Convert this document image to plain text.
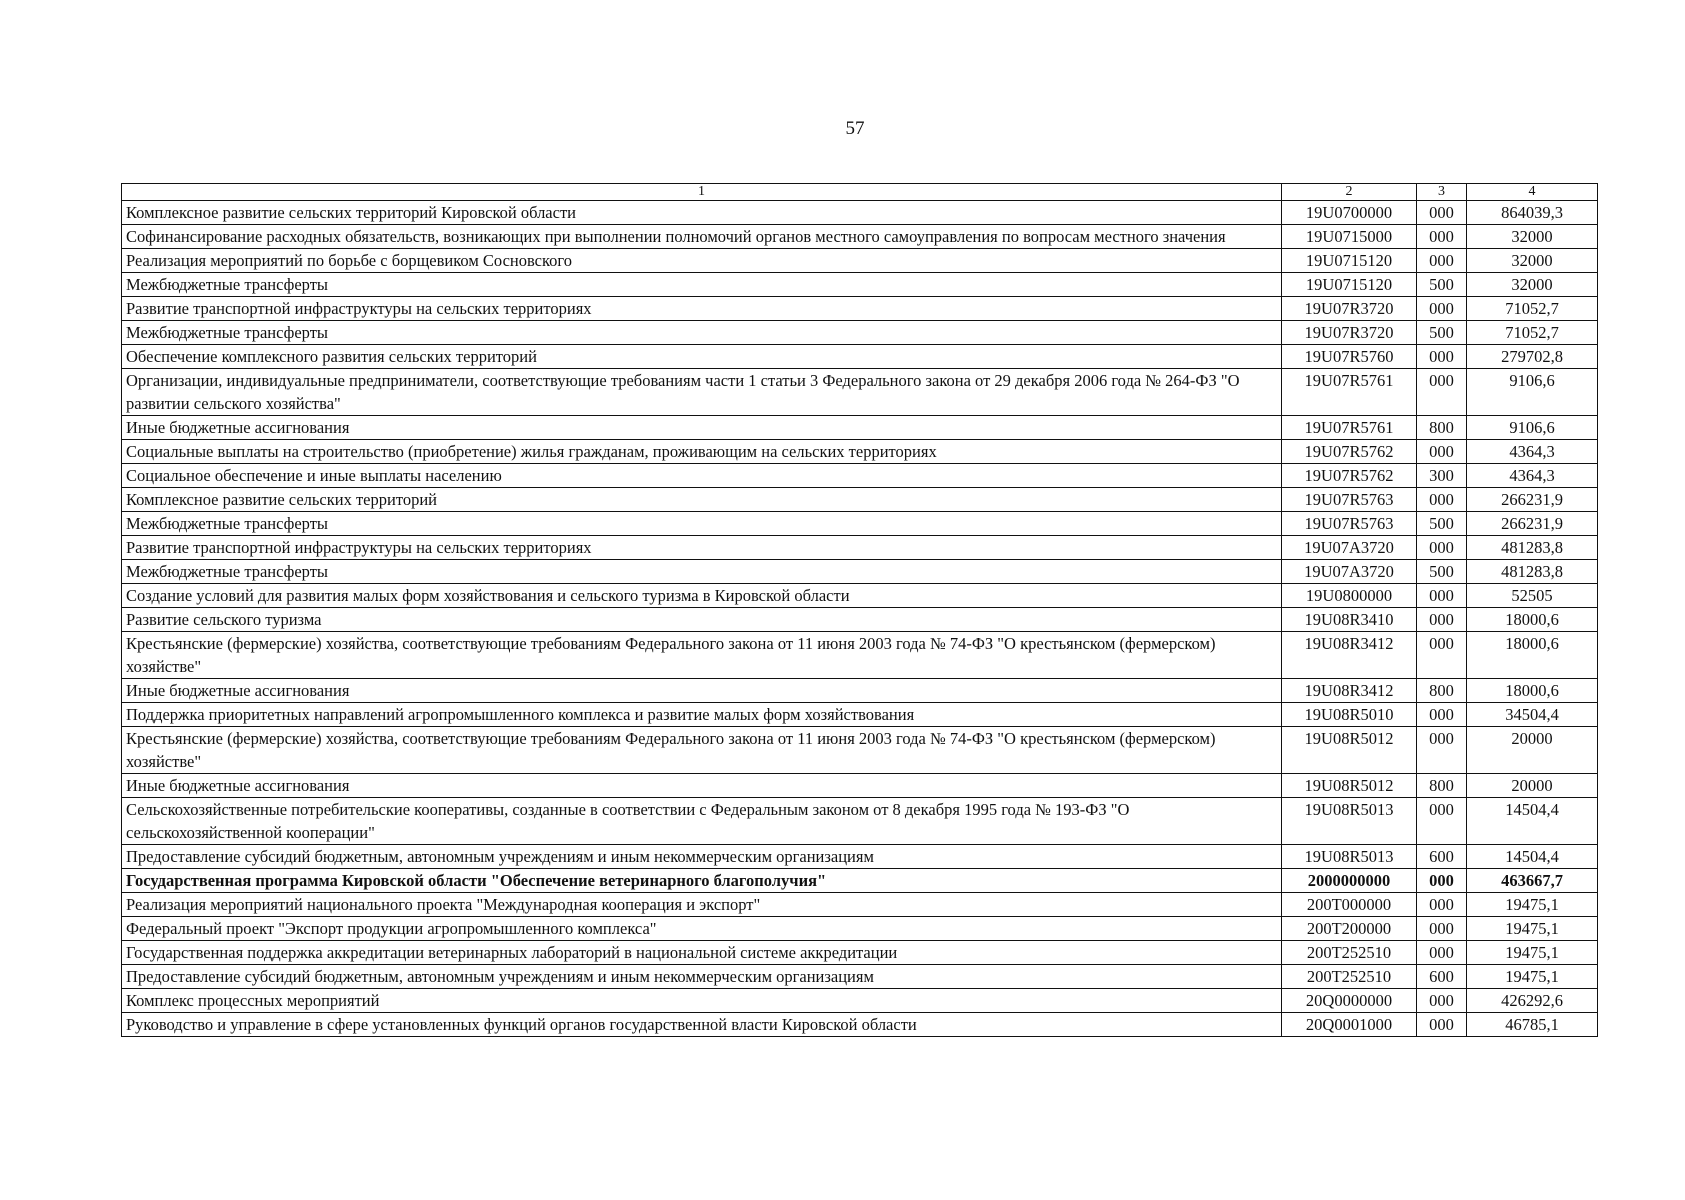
57
1	2	3	4
Комплексное развитие сельских территорий Кировской области	19U0700000	000	864039,3
Софинансирование расходных обязательств, возникающих при выполнении полномочий органов местного самоуправления по вопросам местного значения	19U0715000	000	32000
Реализация мероприятий по борьбе с борщевиком Сосновского	19U0715120	000	32000
Межбюджетные трансферты	19U0715120	500	32000
Развитие транспортной инфраструктуры на сельских территориях	19U07R3720	000	71052,7
Межбюджетные трансферты	19U07R3720	500	71052,7
Обеспечение комплексного развития сельских территорий	19U07R5760	000	279702,8
Организации, индивидуальные предприниматели, соответствующие требованиям части 1 статьи 3 Федерального закона от 29 декабря 2006 года № 264-ФЗ "О развитии сельского хозяйства"	19U07R5761	000	9106,6
Иные бюджетные ассигнования	19U07R5761	800	9106,6
Социальные выплаты на строительство (приобретение) жилья гражданам, проживающим на сельских территориях	19U07R5762	000	4364,3
Социальное обеспечение и иные выплаты населению	19U07R5762	300	4364,3
Комплексное развитие сельских территорий	19U07R5763	000	266231,9
Межбюджетные трансферты	19U07R5763	500	266231,9
Развитие транспортной инфраструктуры на сельских территориях	19U07A3720	000	481283,8
Межбюджетные трансферты	19U07A3720	500	481283,8
Создание условий для развития малых форм хозяйствования и сельского туризма в Кировской области	19U0800000	000	52505
Развитие сельского туризма	19U08R3410	000	18000,6
Крестьянские (фермерские) хозяйства, соответствующие требованиям Федерального закона от 11 июня 2003 года № 74-ФЗ "О крестьянском (фермерском) хозяйстве"	19U08R3412	000	18000,6
Иные бюджетные ассигнования	19U08R3412	800	18000,6
Поддержка приоритетных направлений агропромышленного комплекса и развитие малых форм хозяйствования	19U08R5010	000	34504,4
Крестьянские (фермерские) хозяйства, соответствующие требованиям Федерального закона от 11 июня 2003 года № 74-ФЗ "О крестьянском (фермерском) хозяйстве"	19U08R5012	000	20000
Иные бюджетные ассигнования	19U08R5012	800	20000
Сельскохозяйственные потребительские кооперативы, созданные в соответствии с Федеральным законом от 8 декабря 1995 года № 193-ФЗ "О сельскохозяйственной кооперации"	19U08R5013	000	14504,4
Предоставление субсидий бюджетным, автономным учреждениям и иным некоммерческим организациям	19U08R5013	600	14504,4
Государственная программа Кировской области "Обеспечение ветеринарного благополучия"	2000000000	000	463667,7
Реализация мероприятий национального проекта "Международная кооперация и экспорт"	200T000000	000	19475,1
Федеральный проект "Экспорт продукции агропромышленного комплекса"	200T200000	000	19475,1
Государственная поддержка аккредитации ветеринарных лабораторий в национальной системе аккредитации	200T252510	000	19475,1
Предоставление субсидий бюджетным, автономным учреждениям и иным некоммерческим организациям	200T252510	600	19475,1
Комплекс процессных мероприятий	20Q0000000	000	426292,6
Руководство и управление в сфере установленных функций органов государственной власти Кировской области	20Q0001000	000	46785,1
